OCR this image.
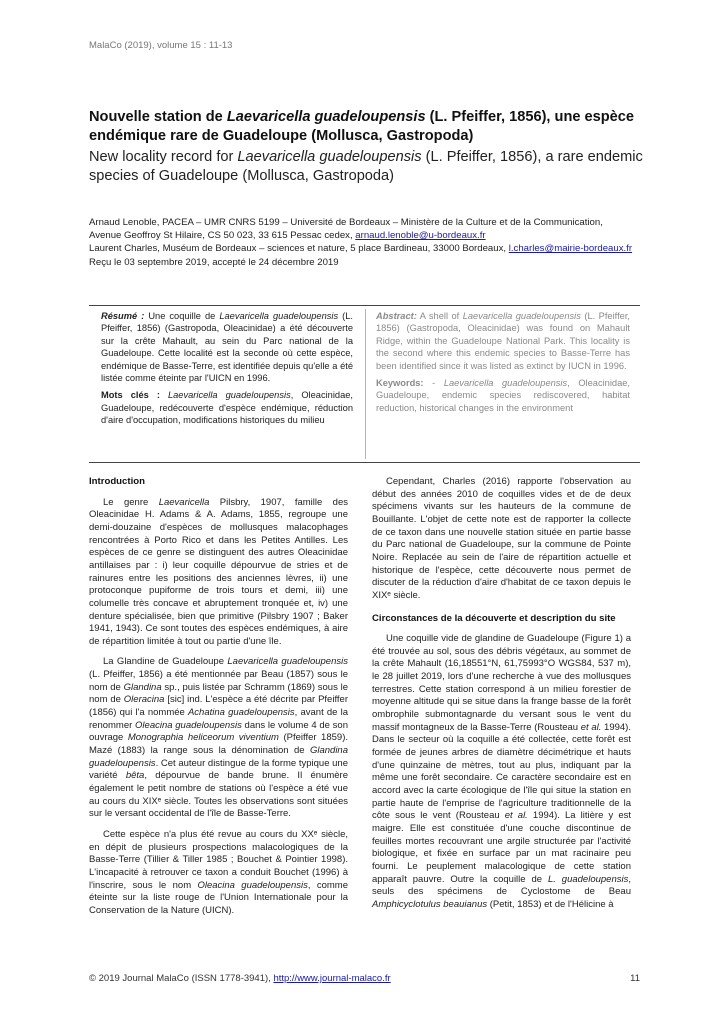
MalaCo (2019), volume 15 : 11-13
Nouvelle station de Laevaricella guadeloupensis (L. Pfeiffer, 1856), une espèce endémique rare de Guadeloupe (Mollusca, Gastropoda)
New locality record for Laevaricella guadeloupensis (L. Pfeiffer, 1856), a rare endemic species of Guadeloupe (Mollusca, Gastropoda)
Arnaud Lenoble, PACEA – UMR CNRS 5199 – Université de Bordeaux – Ministère de la Culture et de la Communication,
Avenue Geoffroy St Hilaire, CS 50 023, 33 615 Pessac cedex, arnaud.lenoble@u-bordeaux.fr
Laurent Charles, Muséum de Bordeaux – sciences et nature, 5 place Bardineau, 33000 Bordeaux, l.charles@mairie-bordeaux.fr
Reçu le 03 septembre 2019, accepté le 24 décembre 2019
Résumé : Une coquille de Laevaricella guadeloupensis (L. Pfeiffer, 1856) (Gastropoda, Oleacinidae) a été découverte sur la crête Mahault, au sein du Parc national de la Guadeloupe. Cette localité est la seconde où cette espèce, endémique de Basse-Terre, est identifiée depuis qu'elle a été listée comme éteinte par l'UICN en 1996.
Mots clés : Laevaricella guadeloupensis, Oleacinidae, Guadeloupe, redécouverte d'espèce endémique, réduction d'aire d'occupation, modifications historiques du milieu
Abstract: A shell of Laevaricella guadeloupensis (L. Pfeiffer, 1856) (Gastropoda, Oleacinidae) was found on Mahault Ridge, within the Guadeloupe National Park. This locality is the second where this endemic species to Basse-Terre has been identified since it was listed as extinct by IUCN in 1996.
Keywords: - Laevaricella guadeloupensis, Oleacinidae, Guadeloupe, endemic species rediscovered, habitat reduction, historical changes in the environment
Introduction

Le genre Laevaricella Pilsbry, 1907, famille des Oleacinidae H. Adams & A. Adams, 1855, regroupe une demi-douzaine d'espèces de mollusques malacophages rencontrées à Porto Rico et dans les Petites Antilles. Les espèces de ce genre se distinguent des autres Oleacinidae antillaises par : i) leur coquille dépourvue de stries et de rainures entre les positions des anciennes lèvres, ii) une protoconque pupiforme de trois tours et demi, iii) une columelle très concave et abruptement tronquée et, iv) une denture spécialisée, bien que primitive (Pilsbry 1907 ; Baker 1941, 1943). Ce sont toutes des espèces endémiques, à aire de répartition limitée à tout ou partie d'une île.

La Glandine de Guadeloupe Laevaricella guadeloupensis (L. Pfeiffer, 1856) a été mentionnée par Beau (1857) sous le nom de Glandina sp., puis listée par Schramm (1869) sous le nom de Oleracina [sic] ind. L'espèce a été décrite par Pfeiffer (1856) qui l'a nommée Achatina guadeloupensis, avant de la renommer Oleacina guadeloupensis dans le volume 4 de son ouvrage Monographia heliceorum viventium (Pfeiffer 1859). Mazé (1883) la range sous la dénomination de Glandina guadeloupensis. Cet auteur distingue de la forme typique une variété bêta, dépourvue de bande brune. Il énumère également le petit nombre de stations où l'espèce a été vue au cours du XIXᵉ siècle. Toutes les observations sont situées sur le versant occidental de l'île de Basse-Terre.

Cette espèce n'a plus été revue au cours du XXᵉ siècle, en dépit de plusieurs prospections malacologiques de la Basse-Terre (Tillier & Tiller 1985 ; Bouchet & Pointier 1998). L'incapacité à retrouver ce taxon a conduit Bouchet (1996) à l'inscrire, sous le nom Oleacina guadeloupensis, comme éteinte sur la liste rouge de l'Union Internationale pour la Conservation de la Nature (UICN).

Cependant, Charles (2016) rapporte l'observation au début des années 2010 de coquilles vides et de de deux spécimens vivants sur les hauteurs de la commune de Bouillante. L'objet de cette note est de rapporter la collecte de ce taxon dans une nouvelle station située en partie basse du Parc national de Guadeloupe, sur la commune de Pointe Noire. Replacée au sein de l'aire de répartition actuelle et historique de l'espèce, cette découverte nous permet de discuter de la réduction d'aire d'habitat de ce taxon depuis le XIXᵉ siècle.

Circonstances de la découverte et description du site

Une coquille vide de glandine de Guadeloupe (Figure 1) a été trouvée au sol, sous des débris végétaux, au sommet de la crête Mahault (16,18551°N, 61,75993°O WGS84, 537 m), le 28 juillet 2019, lors d'une recherche à vue des mollusques terrestres. Cette station correspond à un milieu forestier de moyenne altitude qui se situe dans la frange basse de la forêt ombrophile submontagnarde du versant sous le vent du massif montagneux de la Basse-Terre (Rousteau et al. 1994). Dans le secteur où la coquille a été collectée, cette forêt est formée de jeunes arbres de diamètre décimétrique et hauts d'une quinzaine de mètres, tout au plus, indiquant par la même une forêt secondaire. Ce caractère secondaire est en accord avec la carte écologique de l'île qui situe la station en partie haute de l'emprise de l'agriculture traditionnelle de la côte sous le vent (Rousteau et al. 1994). La litière y est maigre. Elle est constituée d'une couche discontinue de feuilles mortes recouvrant une argile structurée par l'activité biologique, et fixée en surface par un mat racinaire peu fourni. Le peuplement malacologique de cette station apparaît pauvre. Outre la coquille de L. guadeloupensis, seuls des spécimens de Cyclostome de Beau Amphicyclotulus beauianus (Petit, 1853) et de l'Hélicine à

© 2019 Journal MalaCo (ISSN 1778-3941), http://www.journal-malaco.fr	11
